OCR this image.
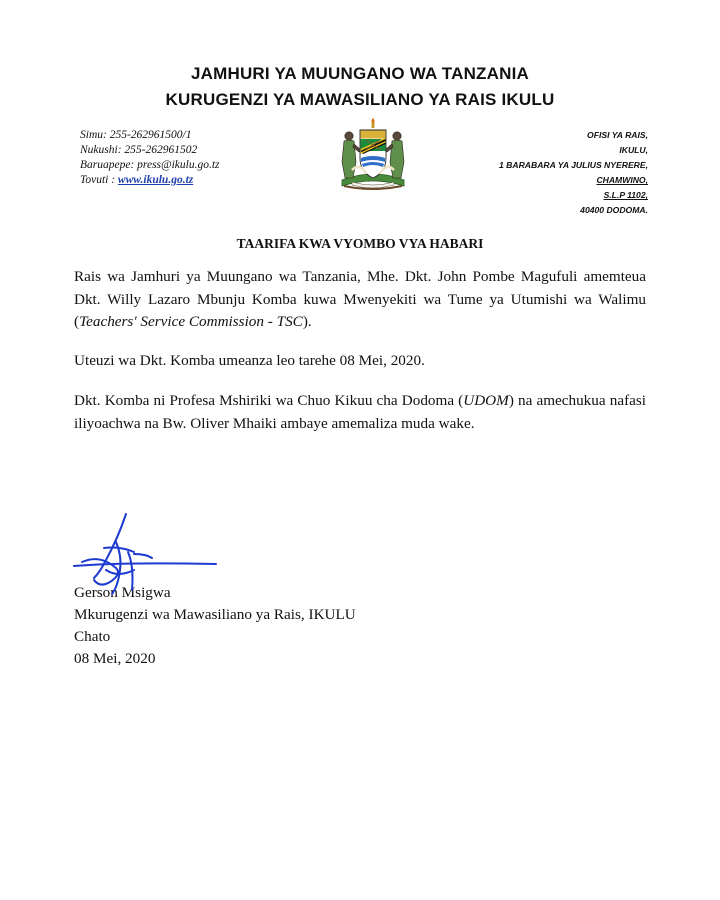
JAMHURI YA MUUNGANO WA TANZANIA
KURUGENZI YA MAWASILIANO YA RAIS IKULU
Simu: 255-262961500/1
Nukushi: 255-262961502
Baruapepe: press@ikulu.go.tz
Tovuti : www.ikulu.go.tz
OFISI YA RAIS,
IKULU,
1 BARABARA YA JULIUS NYERERE,
CHAMWINO,
S.L.P 1102,
40400 DODOMA.
TAARIFA KWA VYOMBO VYA HABARI

Rais wa Jamhuri ya Muungano wa Tanzania, Mhe. Dkt. John Pombe Magufuli amemteua Dkt. Willy Lazaro Mbunju Komba kuwa Mwenyekiti wa Tume ya Utumishi wa Walimu (Teachers' Service Commission - TSC).

Uteuzi wa Dkt. Komba umeanza leo tarehe 08 Mei, 2020.

Dkt. Komba ni Profesa Mshiriki wa Chuo Kikuu cha Dodoma (UDOM) na amechukua nafasi iliyoachwa na Bw. Oliver Mhaiki ambaye amemaliza muda wake.

Gerson Msigwa
Mkurugenzi wa Mawasiliano ya Rais, IKULU
Chato
08 Mei, 2020
